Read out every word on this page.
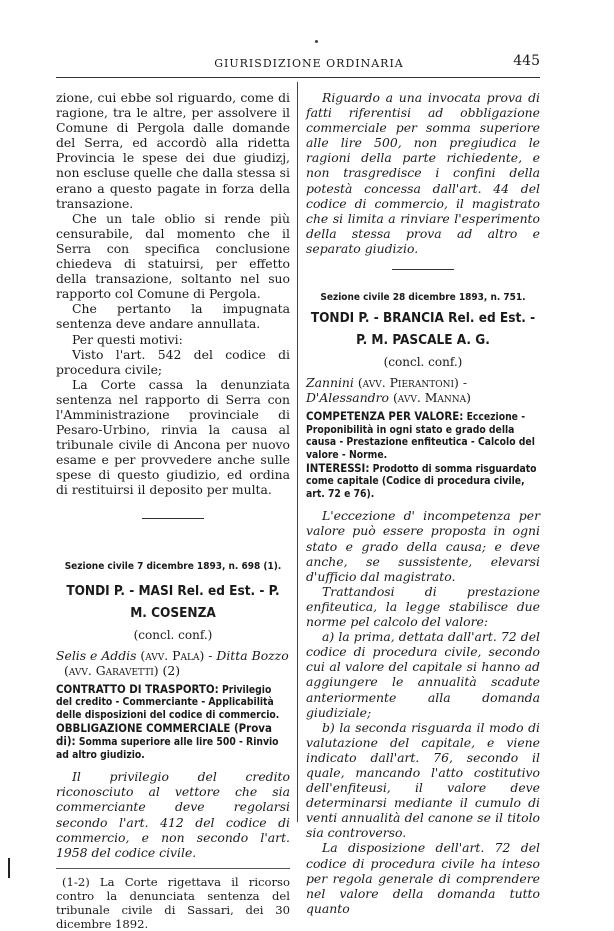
GIURISDIZIONE ORDINARIA	445

zione, cui ebbe sol riguardo, come di ragione, tra le altre, per assolvere il Comune di Pergola dalle domande del Serra, ed accordò alla ridetta Provincia le spese dei due giudizj, non escluse quelle che dalla stessa si erano a questo pagate in forza della transazione.

Che un tale oblio si rende più censurabile, dal momento che il Serra con specifica conclusione chiedeva di statuirsi, per effetto della transazione, soltanto nel suo rapporto col Comune di Pergola.

Che pertanto la impugnata sentenza deve andare annullata.

Per questi motivi:

Visto l'art. 542 del codice di procedura civile;

La Corte cassa la denunziata sentenza nel rapporto di Serra con l'Amministrazione provinciale di Pesaro-Urbino, rinvia la causa al tribunale civile di Ancona per nuovo esame e per provvedere anche sulle spese di questo giudizio, ed ordina di restituirsi il deposito per multa.

Sezione civile 7 dicembre 1893, n. 698 (1).

TONDI P. - MASI Rel. ed Est. - P. M. COSENZA

(concl. conf.)

Selis e Addis (avv. Pala) - Ditta Bozzo

(avv. Garavetti) (2)

CONTRATTO DI TRASPORTO: Privilegio del credito - Commerciante - Applicabilità delle disposizioni del codice di commercio.

OBBLIGAZIONE COMMERCIALE (Prova di): Somma superiore alle lire 500 - Rinvio ad altro giudizio.

Il privilegio del credito riconosciuto al vettore che sia commerciante deve regolarsi secondo l'art. 412 del codice di commercio, e non secondo l'art. 1958 del codice civile.

(1-2) La Corte rigettava il ricorso contro la denunciata sentenza del tribunale civile di Sassari, dei 30 dicembre 1892.

Riguardo a una invocata prova di fatti riferentisi ad obbligazione commerciale per somma superiore alle lire 500, non pregiudica le ragioni della parte richiedente, e non trasgredisce i confini della potestà concessa dall'art. 44 del codice di commercio, il magistrato che si limita a rinviare l'esperimento della stessa prova ad altro e separato giudizio.

Sezione civile 28 dicembre 1893, n. 751.

TONDI P. - BRANCIA Rel. ed Est. -

P. M. PASCALE A. G.

(concl. conf.)

Zannini (avv. Pierantoni) - D'Alessandro (avv. Manna)

COMPETENZA PER VALORE: Eccezione - Proponibilità in ogni stato e grado della causa - Prestazione enfiteutica - Calcolo del valore - Norme.

INTERESSI: Prodotto di somma risguardato come capitale (Codice di procedura civile, art. 72 e 76).

L'eccezione d' incompetenza per valore può essere proposta in ogni stato e grado della causa; e deve anche, se sussistente, elevarsi d'ufficio dal magistrato.

Trattandosi di prestazione enfiteutica, la legge stabilisce due norme pel calcolo del valore:

a) la prima, dettata dall'art. 72 del codice di procedura civile, secondo cui al valore del capitale si hanno ad aggiungere le annualità scadute anteriormente alla domanda giudiziale;

b) la seconda risguarda il modo di valutazione del capitale, e viene indicato dall'art. 76, secondo il quale, mancando l'atto costitutivo dell'enfiteusi, il valore deve determinarsi mediante il cumulo di venti annualità del canone se il titolo sia controverso.

La disposizione dell'art. 72 del codice di procedura civile ha inteso per regola generale di comprendere nel valore della domanda tutto quanto
